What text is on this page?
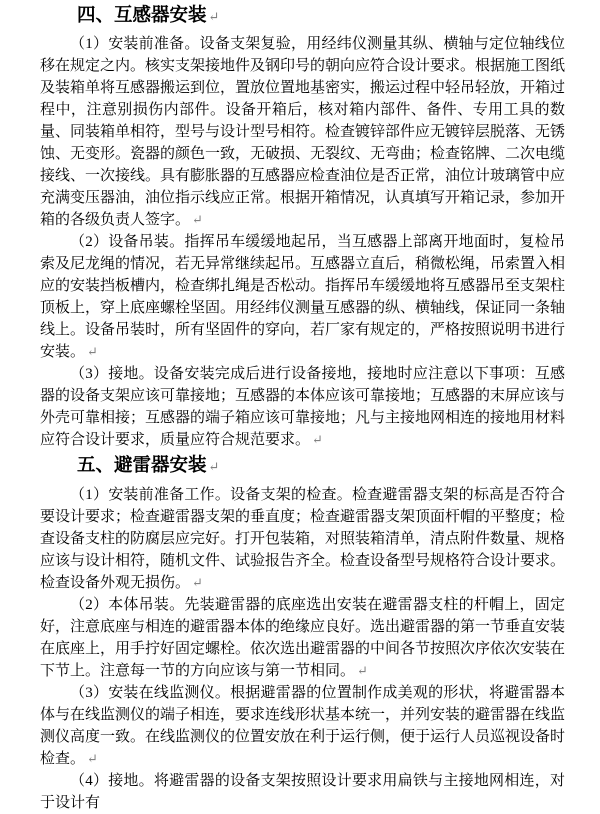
四、互感器安装 ↵

（1）安装前准备。设备支架复验，用经纬仪测量其纵、横轴与定位轴线位移在规定之内。核实支架接地件及钢印号的朝向应符合设计要求。根据施工图纸及装箱单将互感器搬运到位，置放位置地基密实，搬运过程中轻吊轻放，开箱过程中，注意别损伤内部件。设备开箱后，核对箱内部件、备件、专用工具的数量、同装箱单相符，型号与设计型号相符。检查镀锌部件应无镀锌层脱落、无锈蚀、无变形。瓷器的颜色一致，无破损、无裂纹、无弯曲；检查铭牌、二次电缆接线、一次接线。具有膨胀器的互感器应检查油位是否正常，油位计玻璃管中应充满变压器油，油位指示线应正常。根据开箱情况，认真填写开箱记录，参加开箱的各级负责人签字。 ↵

（2）设备吊装。指挥吊车缓缓地起吊，当互感器上部离开地面时，复检吊索及尼龙绳的情况，若无异常继续起吊。互感器立直后，稍微松绳，吊索置入相应的安装挡板槽内，检查绑扎绳是否松动。指挥吊车缓缓地将互感器吊至支架柱顶板上，穿上底座螺栓坚固。用经纬仪测量互感器的纵、横轴线，保证同一条轴线上。设备吊装时，所有坚固件的穿向，若厂家有规定的，严格按照说明书进行安装。 ↵

（3）接地。设备安装完成后进行设备接地，接地时应注意以下事项：互感器的设备支架应该可靠接地；互感器的本体应该可靠接地；互感器的末屏应该与外壳可靠相接；互感器的端子箱应该可靠接地；凡与主接地网相连的接地用材料应符合设计要求，质量应符合规范要求。 ↵

五、避雷器安装 ↵

（1）安装前准备工作。设备支架的检查。检查避雷器支架的标高是否符合要设计要求；检查避雷器支架的垂直度；检查避雷器支架顶面杆帽的平整度；检查设备支柱的防腐层应完好。打开包装箱，对照装箱清单，清点附件数量、规格应该与设计相符，随机文件、试验报告齐全。检查设备型号规格符合设计要求。检查设备外观无损伤。 ↵

（2）本体吊装。先装避雷器的底座选出安装在避雷器支柱的杆帽上，固定好，注意底座与相连的避雷器本体的绝缘应良好。选出避雷器的第一节垂直安装在底座上，用手拧好固定螺栓。依次选出避雷器的中间各节按照次序依次安装在下节上。注意每一节的方向应该与第一节相同。 ↵

（3）安装在线监测仪。根据避雷器的位置制作成美观的形状，将避雷器本体与在线监测仪的端子相连，要求连线形状基本统一，并列安装的避雷器在线监测仪高度一致。在线监测仪的位置安放在利于运行侧，便于运行人员巡视设备时检查。 ↵

（4）接地。将避雷器的设备支架按照设计要求用扁铁与主接地网相连，对于设计有
